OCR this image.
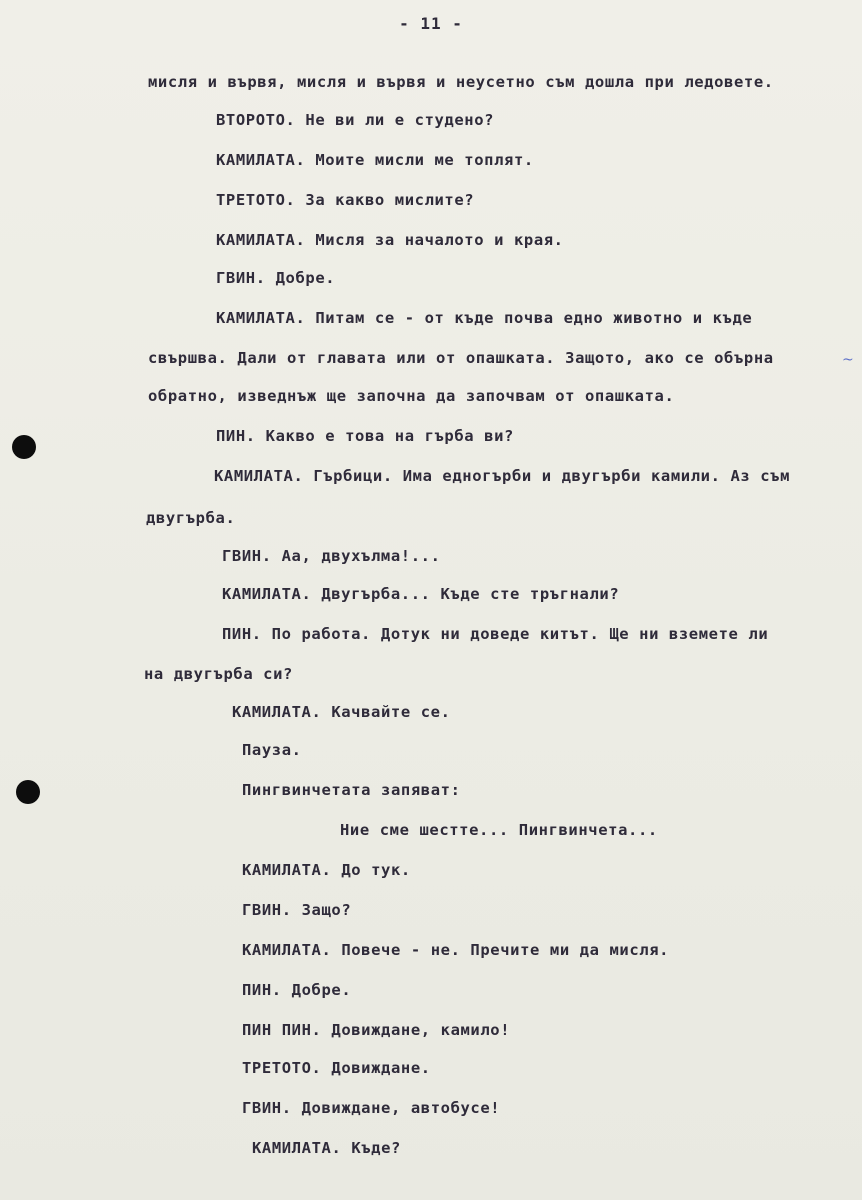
- 11 -
мисля и вървя, мисля и вървя и неусетно съм дошла при ледовете.
ВТОРОТО. Не ви ли е студено?
КАМИЛАТА. Моите мисли ме топлят.
ТРЕТОТО. За какво мислите?
КАМИЛАТА. Мисля за началото и края.
ГВИН. Добре.
КАМИЛАТА. Питам се - от къде почва едно животно и къде
свършва. Дали от главата или от опашката. Защото, ако се обърна
обратно, изведнъж ще започна да започвам от опашката.
ПИН. Какво е това на гърба ви?
КАМИЛАТА. Гърбици. Има едногърби и двугърби камили. Аз съм
двугърба.
ГВИН. Аа, двухълма!...
КАМИЛАТА. Двугърба... Къде сте тръгнали?
ПИН. По работа. Дотук ни доведе китът. Ще ни вземете ли
на двугърба си?
КАМИЛАТА. Качвайте се.
Пауза.
Пингвинчетата запяват:
Ние сме шестте... Пингвинчета...
КАМИЛАТА. До тук.
ГВИН. Защо?
КАМИЛАТА. Повече - не. Пречите ми да мисля.
ПИН. Добре.
ПИН ПИН. Довиждане, камило!
ТРЕТОТО. Довиждане.
ГВИН. Довиждане, автобусе!
КАМИЛАТА. Къде?
~
